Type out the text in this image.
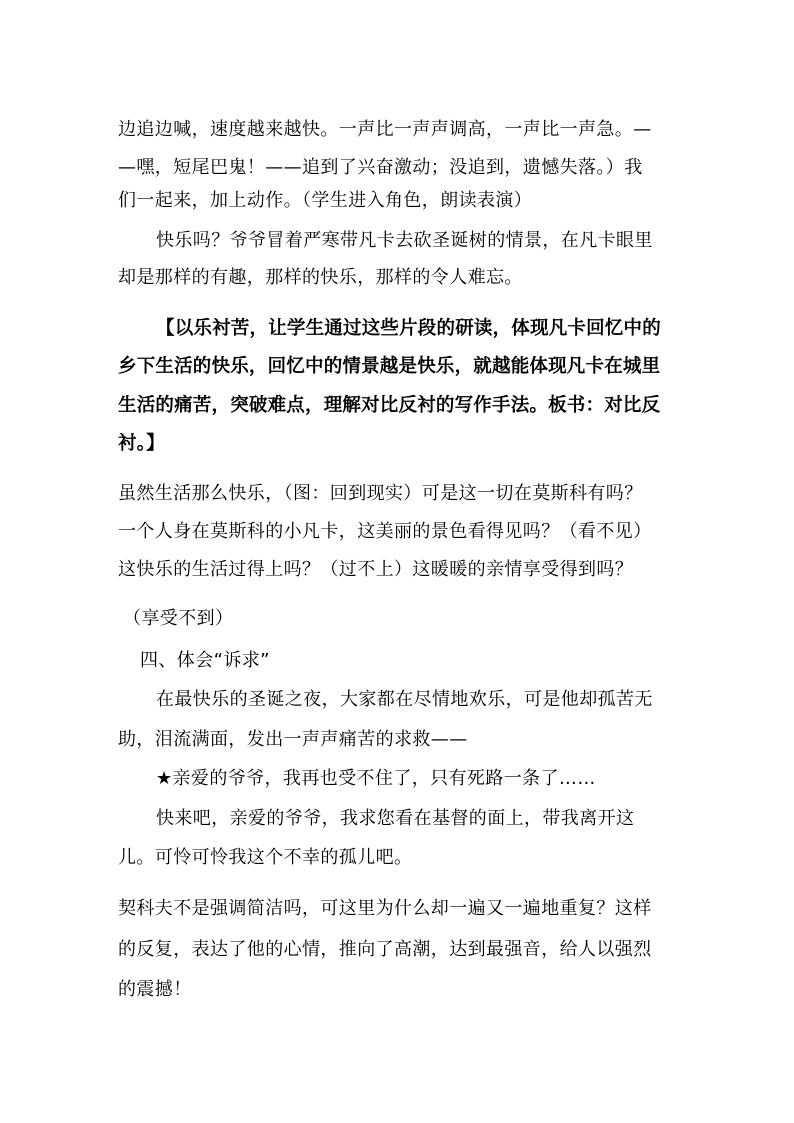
边追边喊，速度越来越快。一声比一声声调高，一声比一声急。—
—嘿，短尾巴鬼！——追到了兴奋激动；没追到，遗憾失落。）我
们一起来，加上动作。（学生进入角色，朗读表演）
快乐吗？爷爷冒着严寒带凡卡去砍圣诞树的情景，在凡卡眼里
却是那样的有趣，那样的快乐，那样的令人难忘。
【以乐衬苦，让学生通过这些片段的研读，体现凡卡回忆中的
乡下生活的快乐，回忆中的情景越是快乐，就越能体现凡卡在城里
生活的痛苦，突破难点，理解对比反衬的写作手法。板书：对比反
衬。】
虽然生活那么快乐，（图：回到现实）可是这一切在莫斯科有吗？
一个人身在莫斯科的小凡卡，这美丽的景色看得见吗？（看不见）
这快乐的生活过得上吗？（过不上）这暖暖的亲情享受得到吗？
（享受不到）
四、体会“诉求”
在最快乐的圣诞之夜，大家都在尽情地欢乐，可是他却孤苦无
助，泪流满面，发出一声声痛苦的求救——
★亲爱的爷爷，我再也受不住了，只有死路一条了……
快来吧，亲爱的爷爷，我求您看在基督的面上，带我离开这
儿。可怜可怜我这个不幸的孤儿吧。
契科夫不是强调简洁吗，可这里为什么却一遍又一遍地重复？这样
的反复，表达了他的心情，推向了高潮，达到最强音，给人以强烈
的震撼！
